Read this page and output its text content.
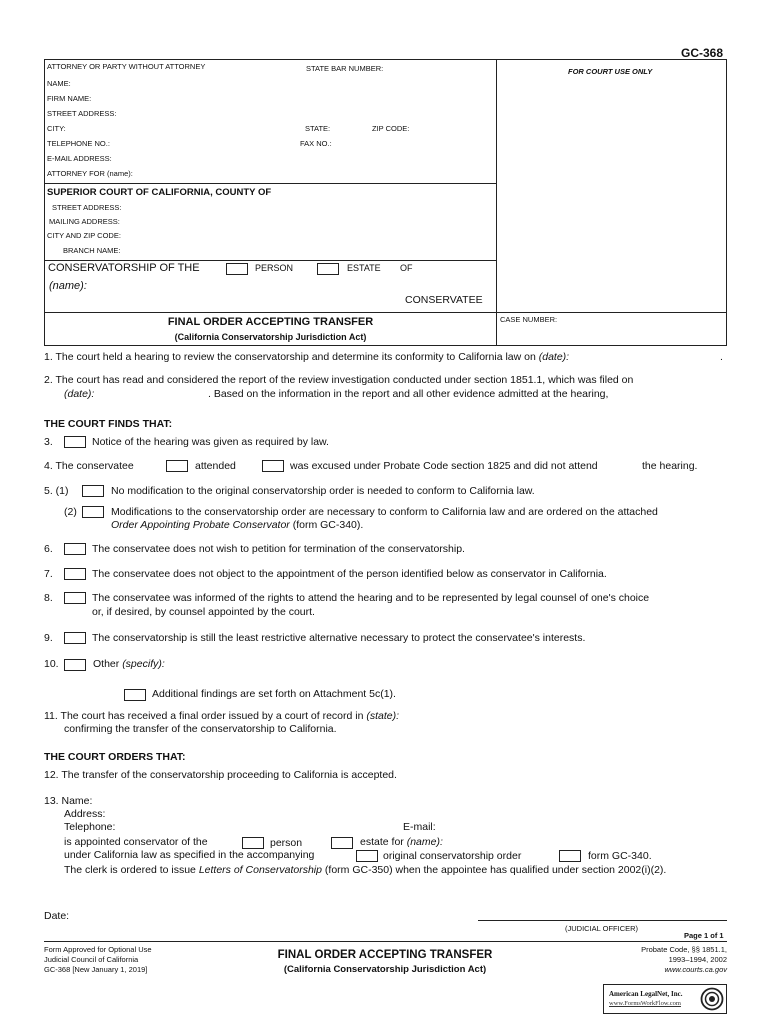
GC-368
ATTORNEY OR PARTY WITHOUT ATTORNEY	STATE BAR NUMBER:	FOR COURT USE ONLY
NAME:
FIRM NAME:
STREET ADDRESS:
CITY:	STATE:	ZIP CODE:
TELEPHONE NO.:	FAX NO.:
E-MAIL ADDRESS:
ATTORNEY FOR (name):
SUPERIOR COURT OF CALIFORNIA, COUNTY OF
STREET ADDRESS:
MAILING ADDRESS:
CITY AND ZIP CODE:
BRANCH NAME:
CONSERVATORSHIP OF THE	PERSON	ESTATE OF
(name):
CONSERVATEE
FINAL ORDER ACCEPTING TRANSFER
(California Conservatorship Jurisdiction Act)
CASE NUMBER:
1. The court held a hearing to review the conservatorship and determine its conformity to California law on (date):	.
2. The court has read and considered the report of the review investigation conducted under section 1851.1, which was filed on
(date):	. Based on the information in the report and all other evidence admitted at the hearing,
THE COURT FINDS THAT:
3.	Notice of the hearing was given as required by law.
4. The conservatee	attended	was excused under Probate Code section 1825 and did not attend	the hearing.
5. (1)	No modification to the original conservatorship order is needed to conform to California law.
(2)	Modifications to the conservatorship order are necessary to conform to California law and are ordered on the attached
Order Appointing Probate Conservator (form GC-340).
6.	The conservatee does not wish to petition for termination of the conservatorship.
7.	The conservatee does not object to the appointment of the person identified below as conservator in California.
8.	The conservatee was informed of the rights to attend the hearing and to be represented by legal counsel of one's choice
or, if desired, by counsel appointed by the court.
9.	The conservatorship is still the least restrictive alternative necessary to protect the conservatee's interests.
10.	Other (specify):
Additional findings are set forth on Attachment 5c(1).
11. The court has received a final order issued by a court of record in (state):
confirming the transfer of the conservatorship to California.
THE COURT ORDERS THAT:
12. The transfer of the conservatorship proceeding to California is accepted.
13. Name:
Address:
Telephone:	E-mail:
is appointed conservator of the	person	estate for (name):
under California law as specified in the accompanying	original conservatorship order	form GC-340.
The clerk is ordered to issue Letters of Conservatorship (form GC-350) when the appointee has qualified under section 2002(i)(2).
Date:
(JUDICIAL OFFICER)
Page 1 of 1
Form Approved for Optional Use
Judicial Council of California
GC-368 [New January 1, 2019]
FINAL ORDER ACCEPTING TRANSFER
(California Conservatorship Jurisdiction Act)
Probate Code, §§ 1851.1,
1993–1994, 2002
www.courts.ca.gov
American LegalNet, Inc.
www.FormsWorkFlow.com
